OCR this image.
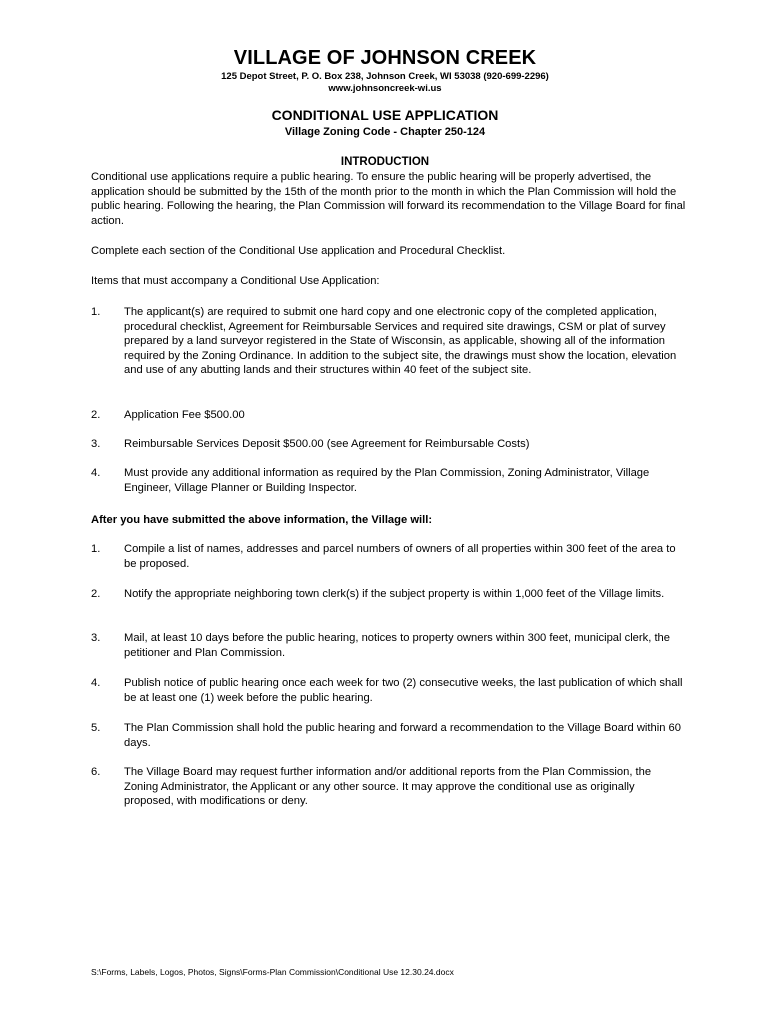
VILLAGE OF JOHNSON CREEK
125 Depot Street, P. O. Box 238, Johnson Creek, WI 53038 (920-699-2296)
www.johnsoncreek-wi.us
CONDITIONAL USE APPLICATION
Village Zoning Code - Chapter 250-124
INTRODUCTION
Conditional use applications require a public hearing. To ensure the public hearing will be properly advertised, the application should be submitted by the 15th of the month prior to the month in which the Plan Commission will hold the public hearing. Following the hearing, the Plan Commission will forward its recommendation to the Village Board for final action.
Complete each section of the Conditional Use application and Procedural Checklist.
Items that must accompany a Conditional Use Application:
1.	The applicant(s) are required to submit one hard copy and one electronic copy of the completed application, procedural checklist, Agreement for Reimbursable Services and required site drawings, CSM or plat of survey prepared by a land surveyor registered in the State of Wisconsin, as applicable, showing all of the information required by the Zoning Ordinance. In addition to the subject site, the drawings must show the location, elevation and use of any abutting lands and their structures within 40 feet of the subject site.
2.	Application Fee $500.00
3.	Reimbursable Services Deposit $500.00 (see Agreement for Reimbursable Costs)
4.	Must provide any additional information as required by the Plan Commission, Zoning Administrator, Village Engineer, Village Planner or Building Inspector.
After you have submitted the above information, the Village will:
1.	Compile a list of names, addresses and parcel numbers of owners of all properties within 300 feet of the area to be proposed.
2.	Notify the appropriate neighboring town clerk(s) if the subject property is within 1,000 feet of the Village limits.
3.	Mail, at least 10 days before the public hearing, notices to property owners within 300 feet, municipal clerk, the petitioner and Plan Commission.
4.	Publish notice of public hearing once each week for two (2) consecutive weeks, the last publication of which shall be at least one (1) week before the public hearing.
5.	The Plan Commission shall hold the public hearing and forward a recommendation to the Village Board within 60 days.
6.	The Village Board may request further information and/or additional reports from the Plan Commission, the Zoning Administrator, the Applicant or any other source. It may approve the conditional use as originally proposed, with modifications or deny.
S:\Forms, Labels, Logos, Photos, Signs\Forms-Plan Commission\Conditional Use 12.30.24.docx
